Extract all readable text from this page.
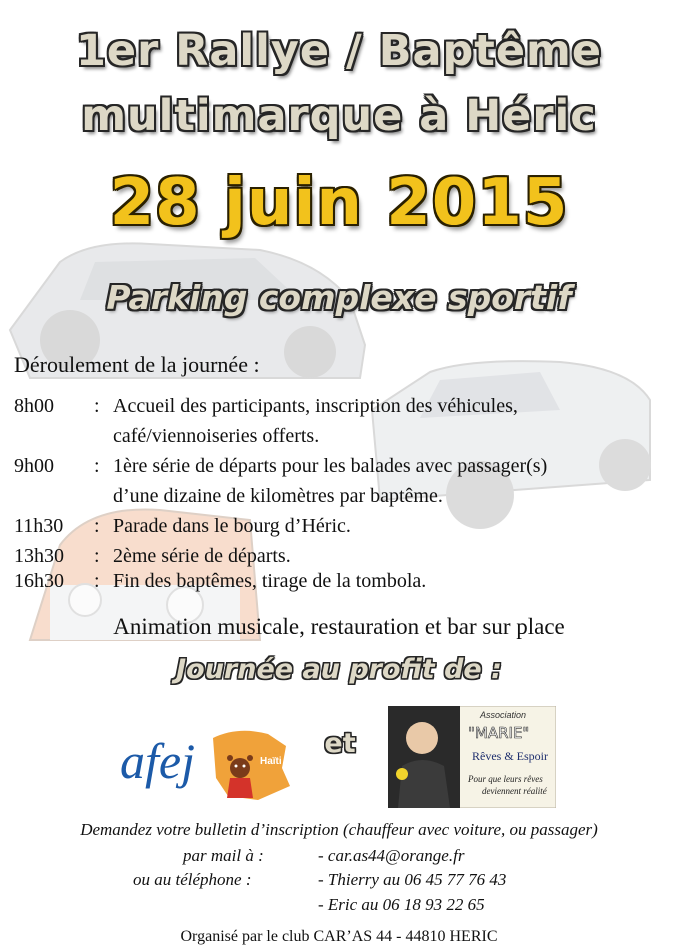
1er Rallye / Baptême
multimarque à Héric
28 juin 2015
Parking complexe sportif
Déroulement de la journée :
8h00 : Accueil des participants, inscription des véhicules,
café/viennoiseries offerts.
9h00 : 1ère série de départs pour les balades avec passager(s)
d’une dizaine de kilomètres par baptême.
11h30 : Parade dans le bourg d’Héric.
13h30 : 2ème série de départs.
16h30 : Fin des baptêmes, tirage de la tombola.
Animation musicale, restauration et bar sur place
Journée au profit de :
afej	Haïti
et
Association
"MARIE"
Rêves & Espoir
Pour que leurs rêves
deviennent réalité
Demandez votre bulletin d’inscription (chauffeur avec voiture, ou passager)
par mail à :	- car.as44@orange.fr
ou au téléphone :	- Thierry au 06 45 77 76 43
- Eric au 06 18 93 22 65
Organisé par le club CAR’AS 44 - 44810 HERIC
